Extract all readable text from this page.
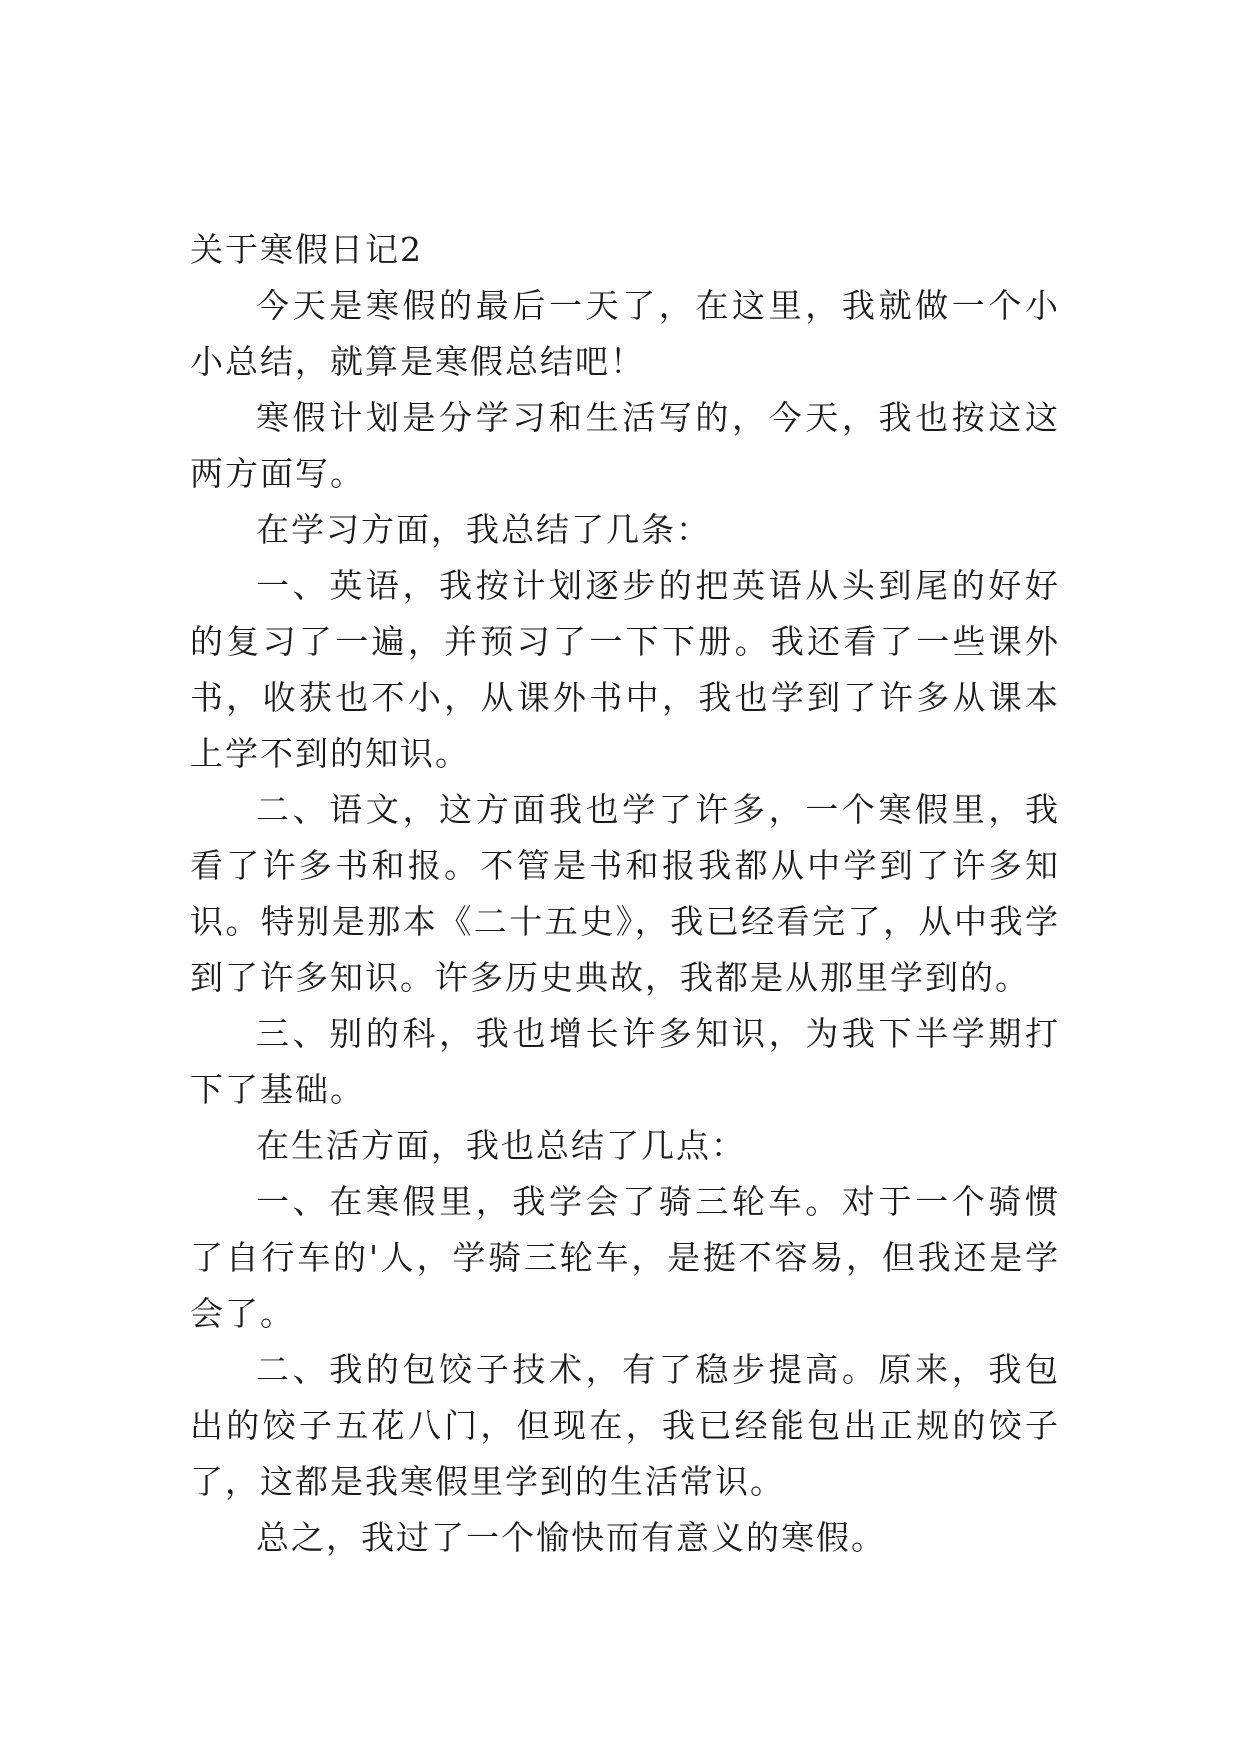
关于寒假日记2

今天是寒假的最后一天了，在这里，我就做一个小小总结，就算是寒假总结吧！

寒假计划是分学习和生活写的，今天，我也按这这两方面写。

在学习方面，我总结了几条：

一、英语，我按计划逐步的把英语从头到尾的好好的复习了一遍，并预习了一下下册。我还看了一些课外书，收获也不小，从课外书中，我也学到了许多从课本上学不到的知识。

二、语文，这方面我也学了许多，一个寒假里，我看了许多书和报。不管是书和报我都从中学到了许多知识。特别是那本《二十五史》，我已经看完了，从中我学到了许多知识。许多历史典故，我都是从那里学到的。

三、别的科，我也增长许多知识，为我下半学期打下了基础。

在生活方面，我也总结了几点：

一、在寒假里，我学会了骑三轮车。对于一个骑惯了自行车的'人，学骑三轮车，是挺不容易，但我还是学会了。

二、我的包饺子技术，有了稳步提高。原来，我包出的饺子五花八门，但现在，我已经能包出正规的饺子了，这都是我寒假里学到的生活常识。

总之，我过了一个愉快而有意义的寒假。
